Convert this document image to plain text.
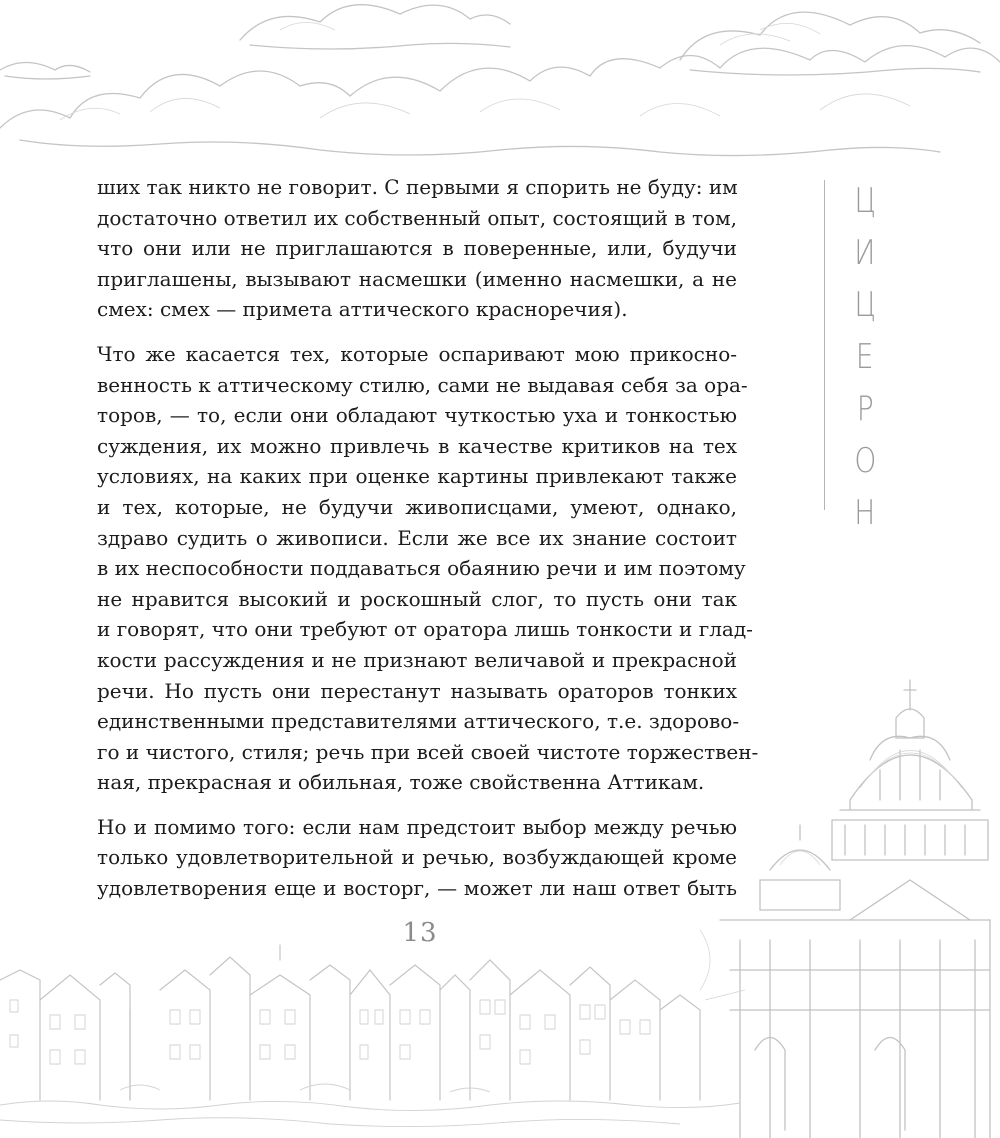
Ц
И
Ц
Е
Р
О
Н

ших так никто не говорит. С первыми я спорить не буду: им
достаточно ответил их собственный опыт, состоящий в том,
что они или не приглашаются в поверенные, или, будучи
приглашены, вызывают насмешки (именно насмешки, а не
смех: смех — примета аттического красноречия).

Что же касается тех, которые оспаривают мою прикосно-
венность к аттическому стилю, сами не выдавая себя за ора-
торов, — то, если они обладают чуткостью уха и тонкостью
суждения, их можно привлечь в качестве критиков на тех
условиях, на каких при оценке картины привлекают также
и тех, которые, не будучи живописцами, умеют, однако,
здраво судить о живописи. Если же все их знание состоит
в их неспособности поддаваться обаянию речи и им поэтому
не нравится высокий и роскошный слог, то пусть они так
и говорят, что они требуют от оратора лишь тонкости и глад-
кости рассуждения и не признают величавой и прекрасной
речи. Но пусть они перестанут называть ораторов тонких
единственными представителями аттического, т.е. здорово-
го и чистого, стиля; речь при всей своей чистоте торжествен-
ная, прекрасная и обильная, тоже свойственна Аттикам.

Но и помимо того: если нам предстоит выбор между речью
только удовлетворительной и речью, возбуждающей кроме
удовлетворения еще и восторг, — может ли наш ответ быть

13
